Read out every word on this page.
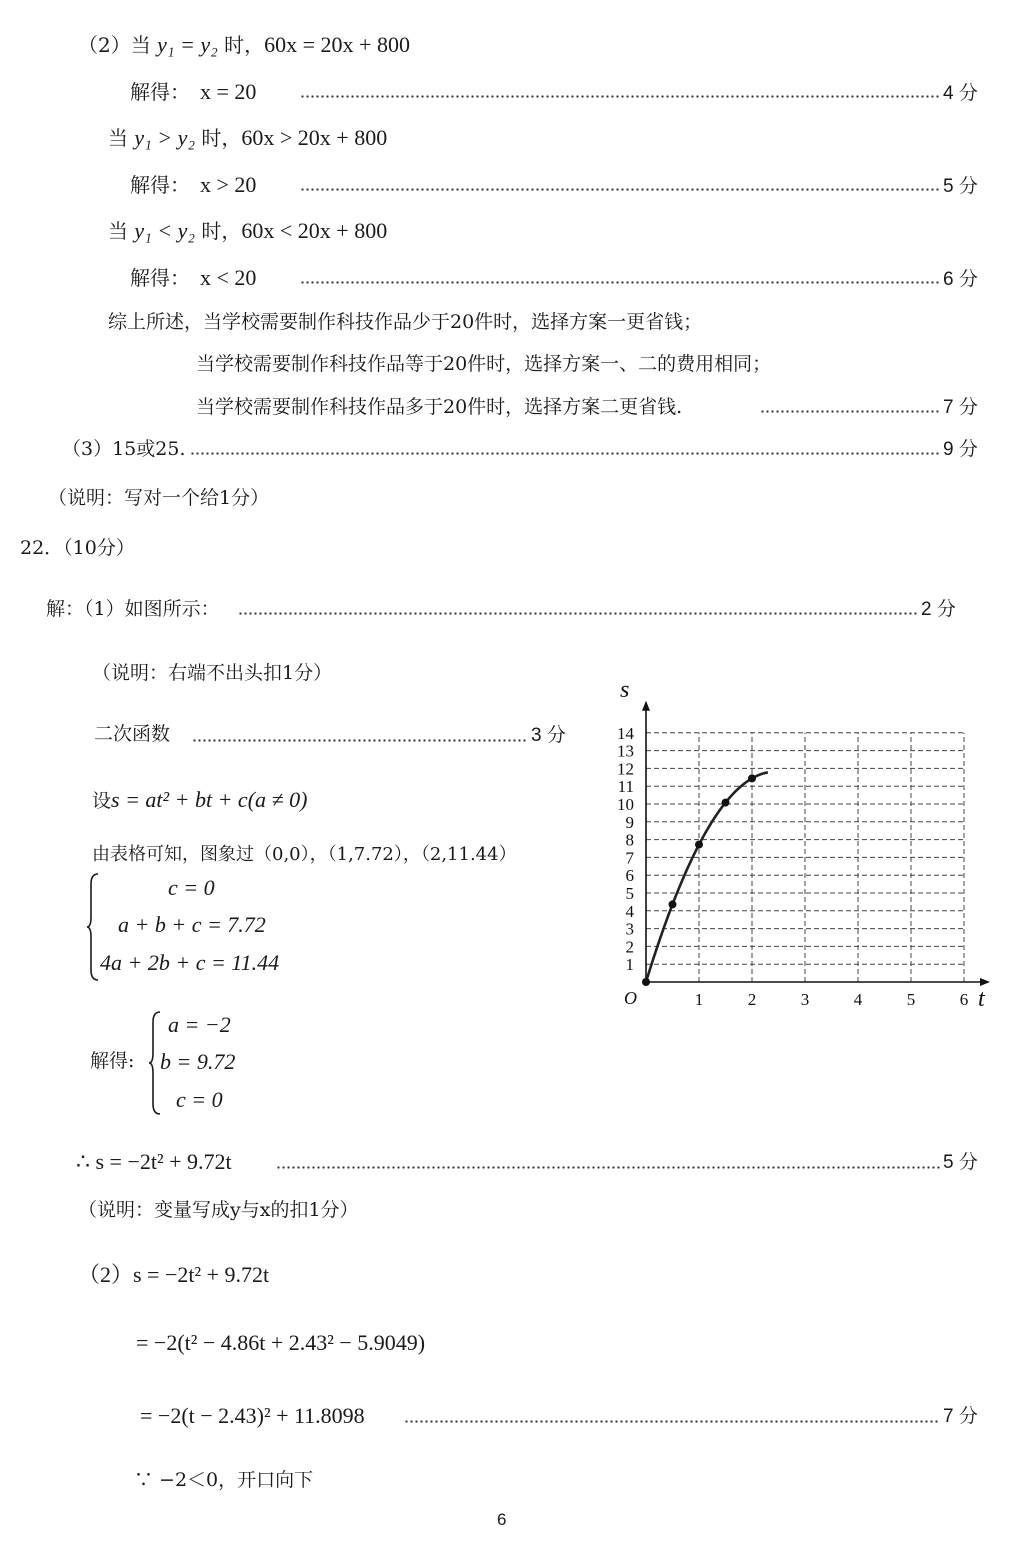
（2）当 y₁ = y₂ 时，60x = 20x + 800
解得： x = 20	4 分
当 y₁ > y₂ 时，60x > 20x + 800
解得： x > 20	5 分
当 y₁ < y₂ 时，60x < 20x + 800
解得： x < 20	6 分
综上所述，当学校需要制作科技作品少于20件时，选择方案一更省钱；
当学校需要制作科技作品等于20件时，选择方案一、二的费用相同；
当学校需要制作科技作品多于20件时，选择方案二更省钱.	7 分
（3）15或25.	9 分
（说明：写对一个给1分）
22．（10分）
解：（1）如图所示：	2 分
（说明：右端不出头扣1分）
二次函数	3 分
设s = at² + bt + c(a ≠ 0)
由表格可知，图象过（0,0），（1,7.72），（2,11.44）
c = 0
a + b + c = 7.72
4a + 2b + c = 11.44
解得:
a = −2
b = 9.72
c = 0
∴ s = −2t² + 9.72t	5 分
（说明：变量写成y与x的扣1分）
（2）s = −2t² + 9.72t
= −2(t² − 4.86t + 2.43² − 5.9049)
= −2(t − 2.43)² + 11.8098	7 分
∵ −2＜0，开口向下
6
1	2	3	4	5	6
1
2
3
4
5
6
7
8
9
10
11
12
13
14
O	t
s
